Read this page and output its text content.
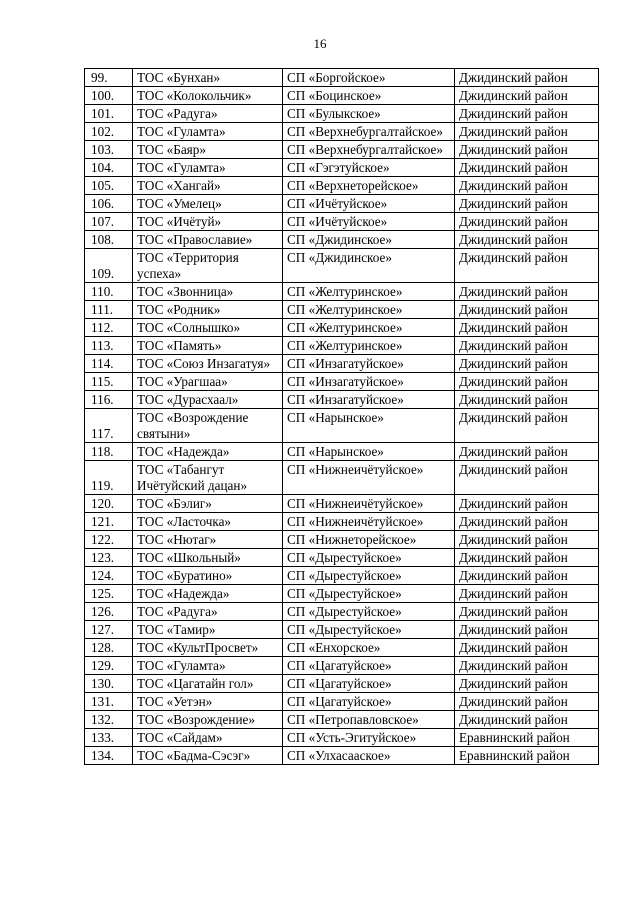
16
99.	ТОС «Бунхан»	СП «Боргойское»	Джидинский район
100.	ТОС «Колокольчик»	СП «Боцинское»	Джидинский район
101.	ТОС «Радуга»	СП «Булыкское»	Джидинский район
102.	ТОС «Гуламта»	СП «Верхнебургалтайское»	Джидинский район
103.	ТОС «Баяр»	СП «Верхнебургалтайское»	Джидинский район
104.	ТОС «Гуламта»	СП «Гэгэтуйское»	Джидинский район
105.	ТОС «Хангай»	СП «Верхнеторейское»	Джидинский район
106.	ТОС «Умелец»	СП «Ичётуйское»	Джидинский район
107.	ТОС «Ичётуй»	СП «Ичётуйское»	Джидинский район
108.	ТОС «Православие»	СП «Джидинское»	Джидинский район
109.	ТОС «Территория успеха»	СП «Джидинское»	Джидинский район
110.	ТОС «Звонница»	СП «Желтуринское»	Джидинский район
111.	ТОС «Родник»	СП «Желтуринское»	Джидинский район
112.	ТОС «Солнышко»	СП «Желтуринское»	Джидинский район
113.	ТОС «Память»	СП «Желтуринское»	Джидинский район
114.	ТОС «Союз Инзагатуя»	СП «Инзагатуйское»	Джидинский район
115.	ТОС «Урагшаа»	СП «Инзагатуйское»	Джидинский район
116.	ТОС «Дурасхаал»	СП «Инзагатуйское»	Джидинский район
117.	ТОС «Возрождение святыни»	СП «Нарынское»	Джидинский район
118.	ТОС «Надежда»	СП «Нарынское»	Джидинский район
119.	ТОС «Табангут Ичётуйский дацан»	СП «Нижнеичётуйское»	Джидинский район
120.	ТОС «Бэлиг»	СП «Нижнеичётуйское»	Джидинский район
121.	ТОС «Ласточка»	СП «Нижнеичётуйское»	Джидинский район
122.	ТОС «Нютаг»	СП «Нижнеторейское»	Джидинский район
123.	ТОС «Школьный»	СП «Дырестуйское»	Джидинский район
124.	ТОС «Буратино»	СП «Дырестуйское»	Джидинский район
125.	ТОС «Надежда»	СП «Дырестуйское»	Джидинский район
126.	ТОС «Радуга»	СП «Дырестуйское»	Джидинский район
127.	ТОС «Тамир»	СП «Дырестуйское»	Джидинский район
128.	ТОС «КультПросвет»	СП «Енхорское»	Джидинский район
129.	ТОС «Гуламта»	СП «Цагатуйское»	Джидинский район
130.	ТОС «Цагатайн гол»	СП «Цагатуйское»	Джидинский район
131.	ТОС «Уетэн»	СП «Цагатуйское»	Джидинский район
132.	ТОС «Возрождение»	СП «Петропавловское»	Джидинский район
133.	ТОС «Сайдам»	СП «Усть-Эгитуйское»	Еравнинский район
134.	ТОС «Бадма-Сэсэг»	СП «Улхасаaское»	Еравнинский район
